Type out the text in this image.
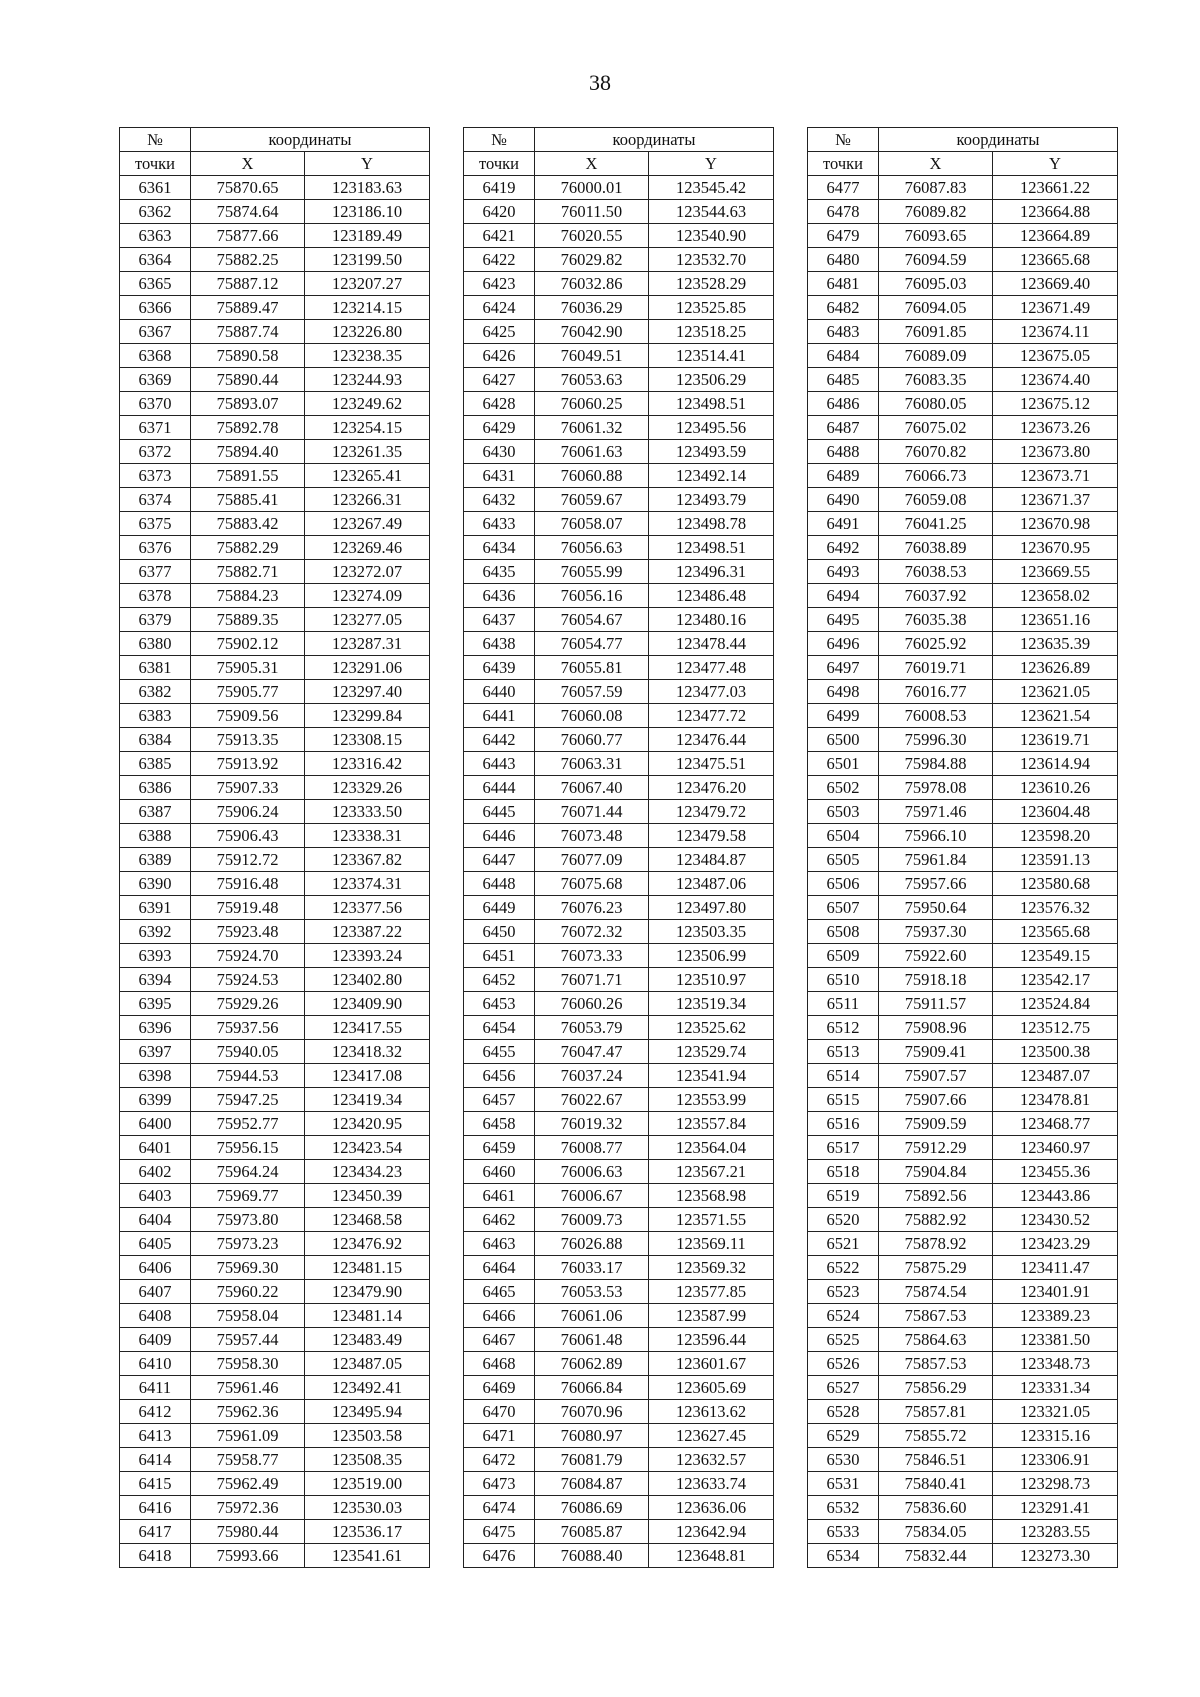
38
№	координаты	
точки	X	Y
6361	75870.65	123183.63
6362	75874.64	123186.10
6363	75877.66	123189.49
6364	75882.25	123199.50
6365	75887.12	123207.27
6366	75889.47	123214.15
6367	75887.74	123226.80
6368	75890.58	123238.35
6369	75890.44	123244.93
6370	75893.07	123249.62
6371	75892.78	123254.15
6372	75894.40	123261.35
6373	75891.55	123265.41
6374	75885.41	123266.31
6375	75883.42	123267.49
6376	75882.29	123269.46
6377	75882.71	123272.07
6378	75884.23	123274.09
6379	75889.35	123277.05
6380	75902.12	123287.31
6381	75905.31	123291.06
6382	75905.77	123297.40
6383	75909.56	123299.84
6384	75913.35	123308.15
6385	75913.92	123316.42
6386	75907.33	123329.26
6387	75906.24	123333.50
6388	75906.43	123338.31
6389	75912.72	123367.82
6390	75916.48	123374.31
6391	75919.48	123377.56
6392	75923.48	123387.22
6393	75924.70	123393.24
6394	75924.53	123402.80
6395	75929.26	123409.90
6396	75937.56	123417.55
6397	75940.05	123418.32
6398	75944.53	123417.08
6399	75947.25	123419.34
6400	75952.77	123420.95
6401	75956.15	123423.54
6402	75964.24	123434.23
6403	75969.77	123450.39
6404	75973.80	123468.58
6405	75973.23	123476.92
6406	75969.30	123481.15
6407	75960.22	123479.90
6408	75958.04	123481.14
6409	75957.44	123483.49
6410	75958.30	123487.05
6411	75961.46	123492.41
6412	75962.36	123495.94
6413	75961.09	123503.58
6414	75958.77	123508.35
6415	75962.49	123519.00
6416	75972.36	123530.03
6417	75980.44	123536.17
6418	75993.66	123541.61
№	координаты	
точки	X	Y
6419	76000.01	123545.42
6420	76011.50	123544.63
6421	76020.55	123540.90
6422	76029.82	123532.70
6423	76032.86	123528.29
6424	76036.29	123525.85
6425	76042.90	123518.25
6426	76049.51	123514.41
6427	76053.63	123506.29
6428	76060.25	123498.51
6429	76061.32	123495.56
6430	76061.63	123493.59
6431	76060.88	123492.14
6432	76059.67	123493.79
6433	76058.07	123498.78
6434	76056.63	123498.51
6435	76055.99	123496.31
6436	76056.16	123486.48
6437	76054.67	123480.16
6438	76054.77	123478.44
6439	76055.81	123477.48
6440	76057.59	123477.03
6441	76060.08	123477.72
6442	76060.77	123476.44
6443	76063.31	123475.51
6444	76067.40	123476.20
6445	76071.44	123479.72
6446	76073.48	123479.58
6447	76077.09	123484.87
6448	76075.68	123487.06
6449	76076.23	123497.80
6450	76072.32	123503.35
6451	76073.33	123506.99
6452	76071.71	123510.97
6453	76060.26	123519.34
6454	76053.79	123525.62
6455	76047.47	123529.74
6456	76037.24	123541.94
6457	76022.67	123553.99
6458	76019.32	123557.84
6459	76008.77	123564.04
6460	76006.63	123567.21
6461	76006.67	123568.98
6462	76009.73	123571.55
6463	76026.88	123569.11
6464	76033.17	123569.32
6465	76053.53	123577.85
6466	76061.06	123587.99
6467	76061.48	123596.44
6468	76062.89	123601.67
6469	76066.84	123605.69
6470	76070.96	123613.62
6471	76080.97	123627.45
6472	76081.79	123632.57
6473	76084.87	123633.74
6474	76086.69	123636.06
6475	76085.87	123642.94
6476	76088.40	123648.81
№	координаты	
точки	X	Y
6477	76087.83	123661.22
6478	76089.82	123664.88
6479	76093.65	123664.89
6480	76094.59	123665.68
6481	76095.03	123669.40
6482	76094.05	123671.49
6483	76091.85	123674.11
6484	76089.09	123675.05
6485	76083.35	123674.40
6486	76080.05	123675.12
6487	76075.02	123673.26
6488	76070.82	123673.80
6489	76066.73	123673.71
6490	76059.08	123671.37
6491	76041.25	123670.98
6492	76038.89	123670.95
6493	76038.53	123669.55
6494	76037.92	123658.02
6495	76035.38	123651.16
6496	76025.92	123635.39
6497	76019.71	123626.89
6498	76016.77	123621.05
6499	76008.53	123621.54
6500	75996.30	123619.71
6501	75984.88	123614.94
6502	75978.08	123610.26
6503	75971.46	123604.48
6504	75966.10	123598.20
6505	75961.84	123591.13
6506	75957.66	123580.68
6507	75950.64	123576.32
6508	75937.30	123565.68
6509	75922.60	123549.15
6510	75918.18	123542.17
6511	75911.57	123524.84
6512	75908.96	123512.75
6513	75909.41	123500.38
6514	75907.57	123487.07
6515	75907.66	123478.81
6516	75909.59	123468.77
6517	75912.29	123460.97
6518	75904.84	123455.36
6519	75892.56	123443.86
6520	75882.92	123430.52
6521	75878.92	123423.29
6522	75875.29	123411.47
6523	75874.54	123401.91
6524	75867.53	123389.23
6525	75864.63	123381.50
6526	75857.53	123348.73
6527	75856.29	123331.34
6528	75857.81	123321.05
6529	75855.72	123315.16
6530	75846.51	123306.91
6531	75840.41	123298.73
6532	75836.60	123291.41
6533	75834.05	123283.55
6534	75832.44	123273.30
